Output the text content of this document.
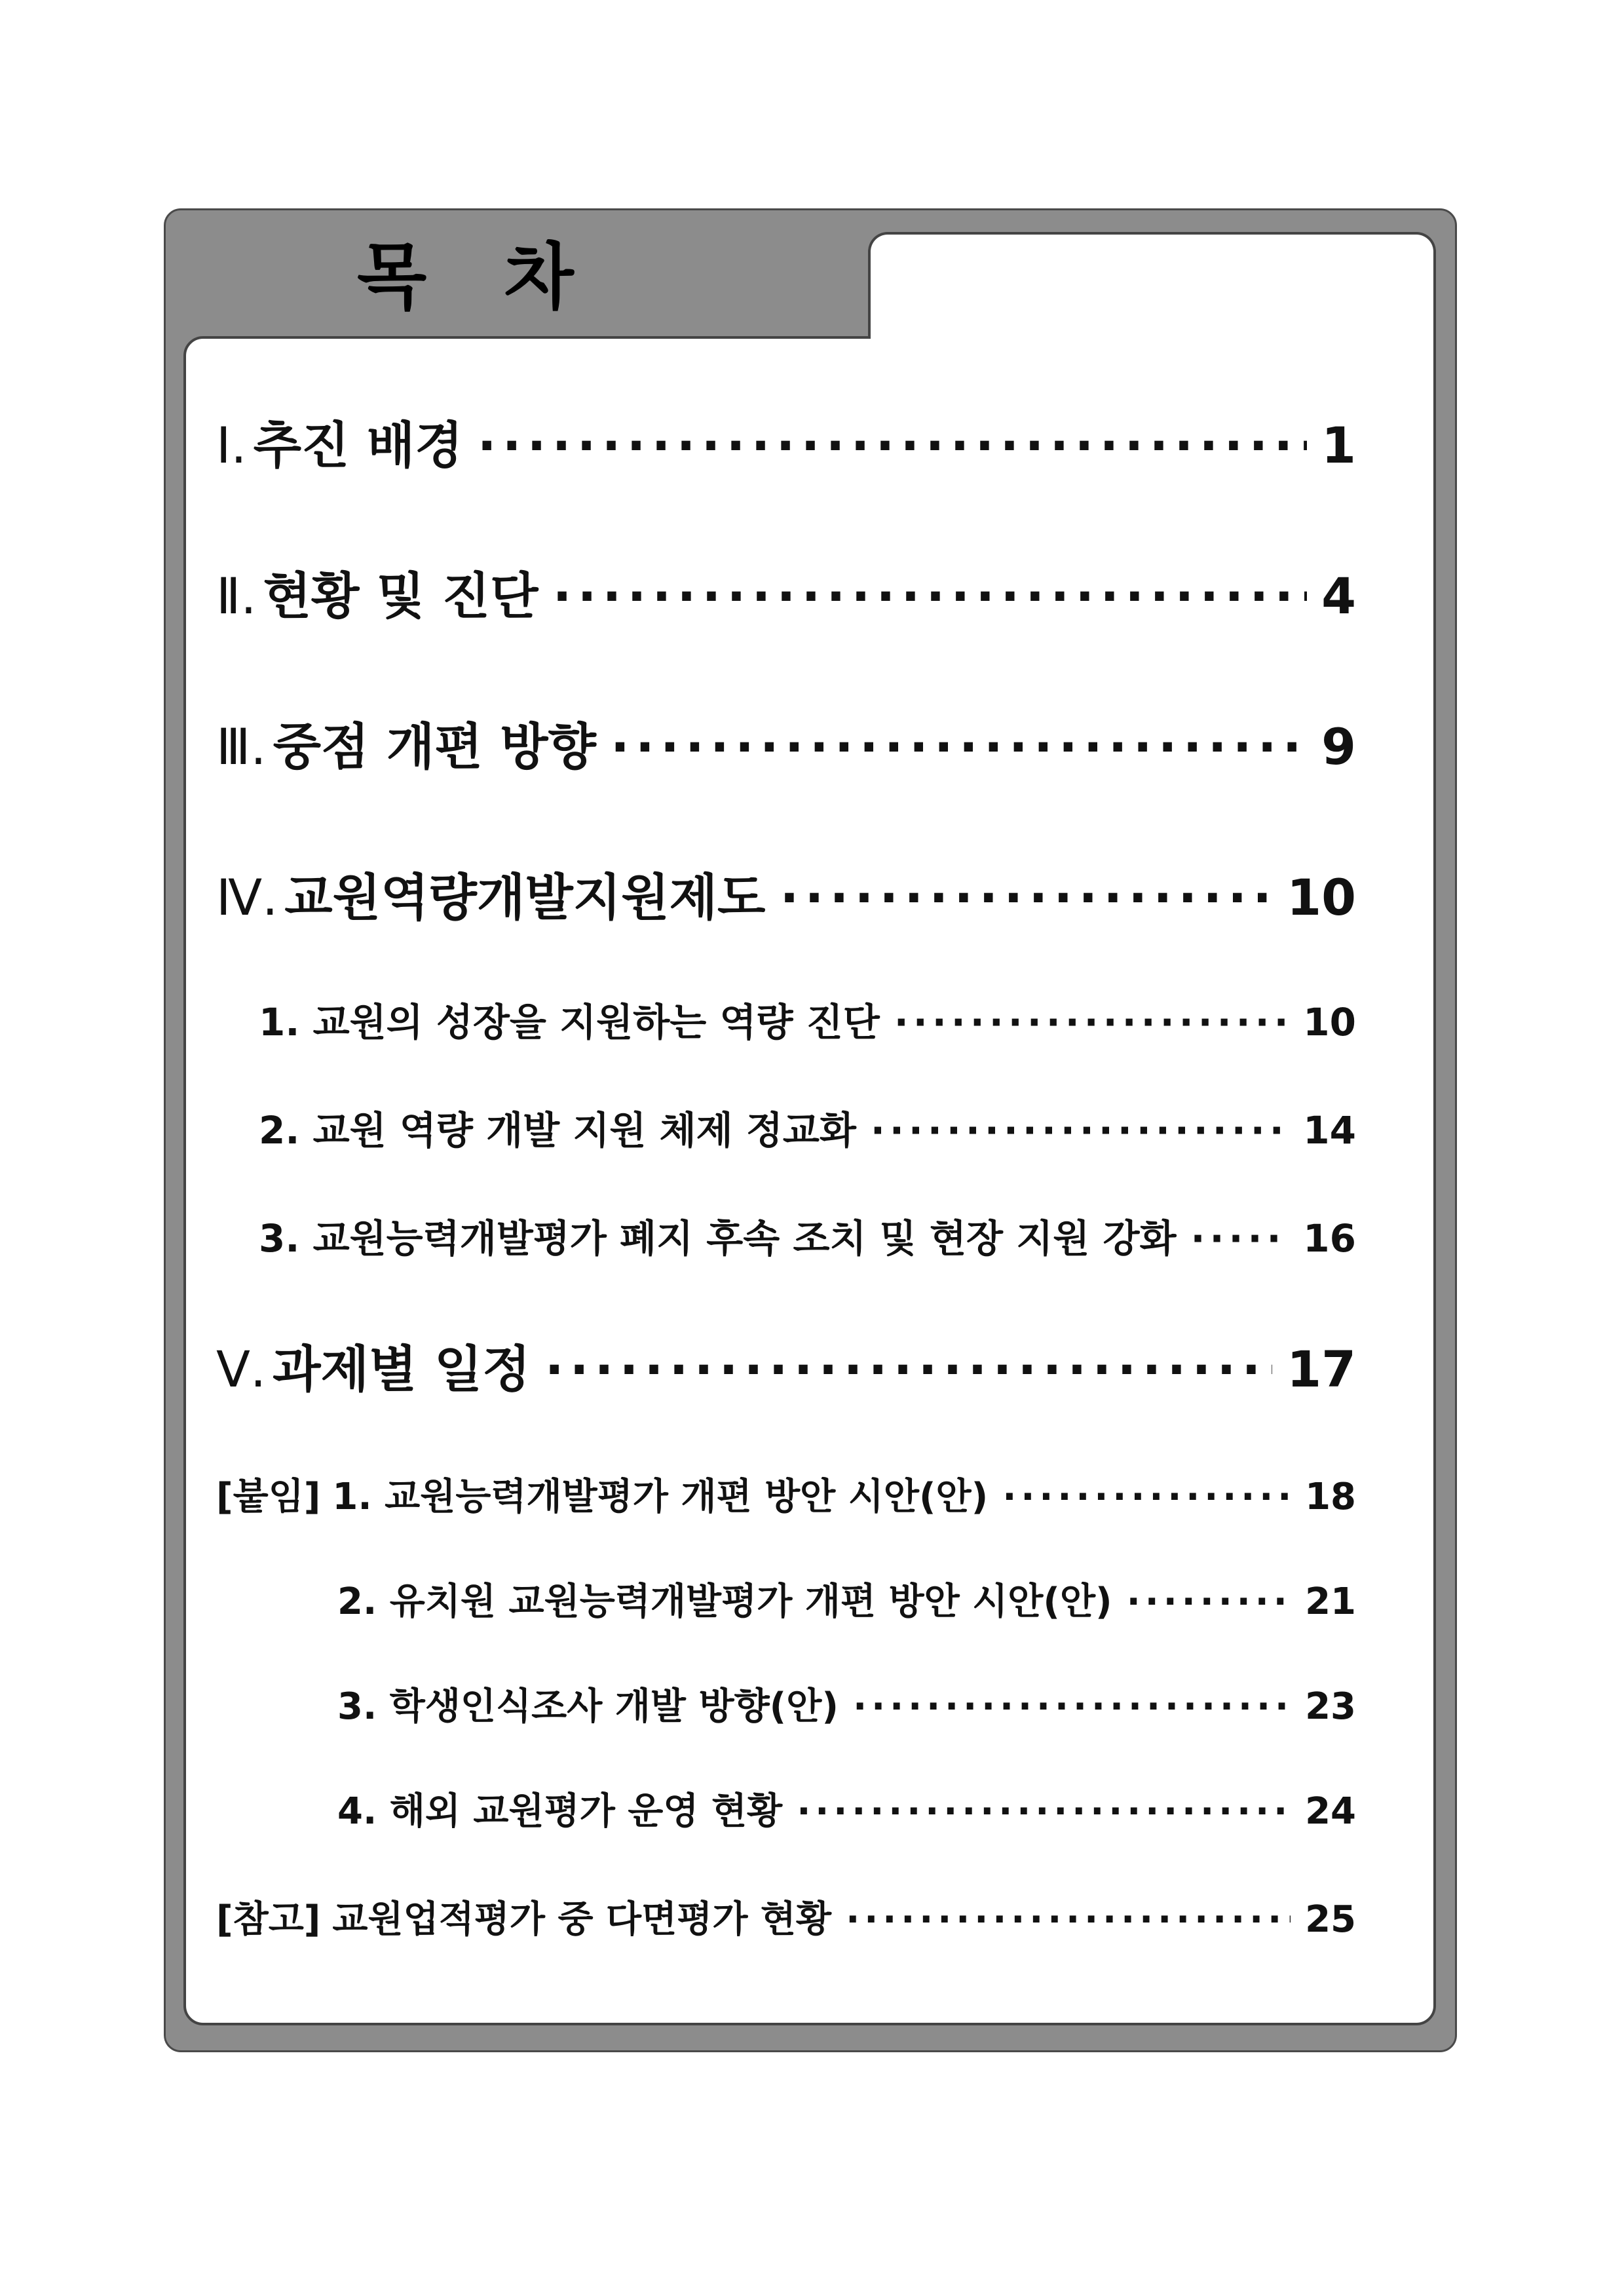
목 차
Ⅰ. 추진 배경 ·····	1
Ⅱ. 현황 및 진단 ·····	4
Ⅲ. 중점 개편 방향 ·····	9
Ⅳ. 교원역량개발지원제도 ·····	10
1. 교원의 성장을 지원하는 역량 진단 ·····	10
2. 교원 역량 개발 지원 체제 정교화 ·····	14
3. 교원능력개발평가 폐지 후속 조치 및 현장 지원 강화 ·····	16
Ⅴ. 과제별 일정 ·····	17
[붙임] 1. 교원능력개발평가 개편 방안 시안(안) ·····	18
2. 유치원 교원능력개발평가 개편 방안 시안(안) ·····	21
3. 학생인식조사 개발 방향(안) ·····	23
4. 해외 교원평가 운영 현황 ·····	24
[참고] 교원업적평가 중 다면평가 현황 ·····	25
